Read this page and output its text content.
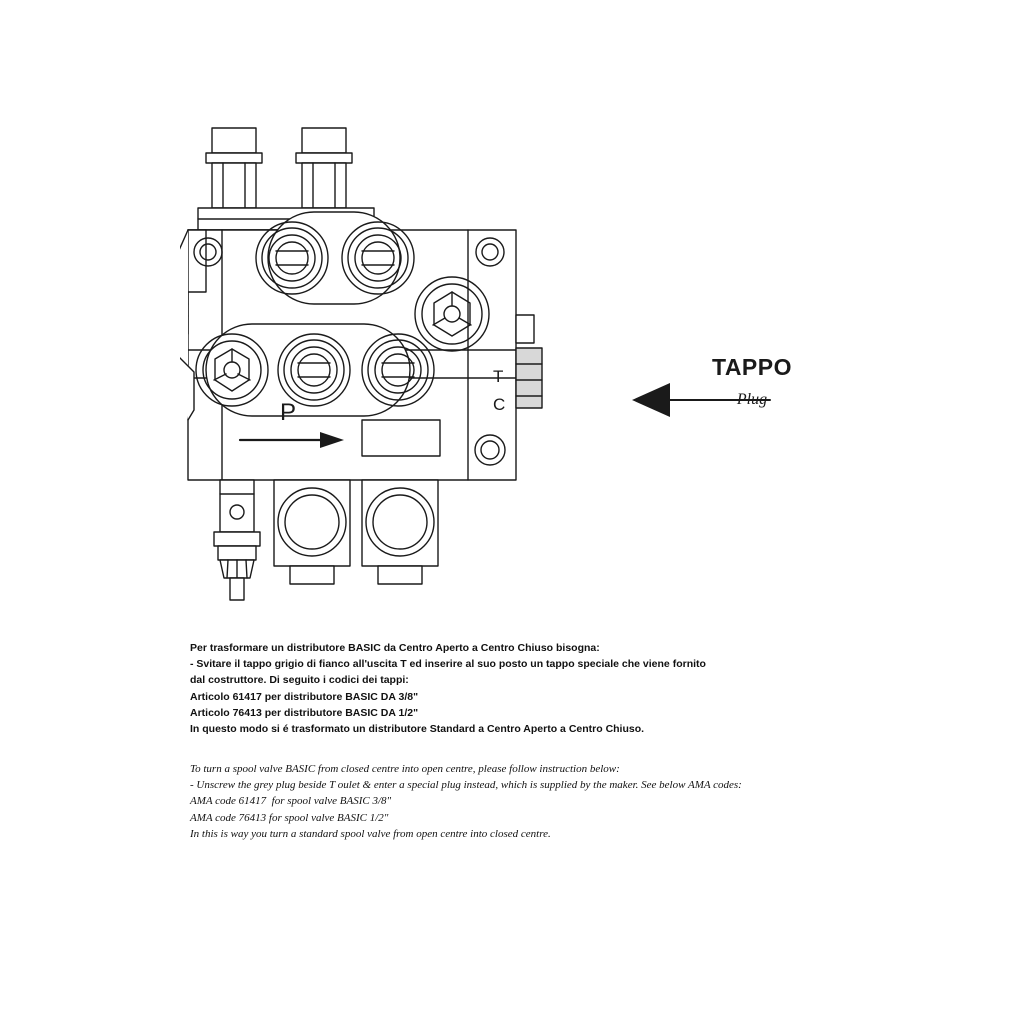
P
T
C
TAPPO
Plug
Per trasformare un distributore BASIC da Centro Aperto a Centro Chiuso bisogna:
- Svitare il tappo grigio di fianco all'uscita T ed inserire al suo posto un tappo speciale che viene fornito
dal costruttore. Di seguito i codici dei tappi:
Articolo 61417 per distributore BASIC DA 3/8"
Articolo 76413 per distributore BASIC DA 1/2"
In questo modo si é trasformato un distributore Standard a Centro Aperto a Centro Chiuso.
To turn a spool valve BASIC from closed centre into open centre, please follow instruction below:
- Unscrew the grey plug beside T oulet & enter a special plug instead, which is supplied by the maker. See below AMA codes:
AMA code 61417  for spool valve BASIC 3/8"
AMA code 76413 for spool valve BASIC 1/2"
In this is way you turn a standard spool valve from open centre into closed centre.
